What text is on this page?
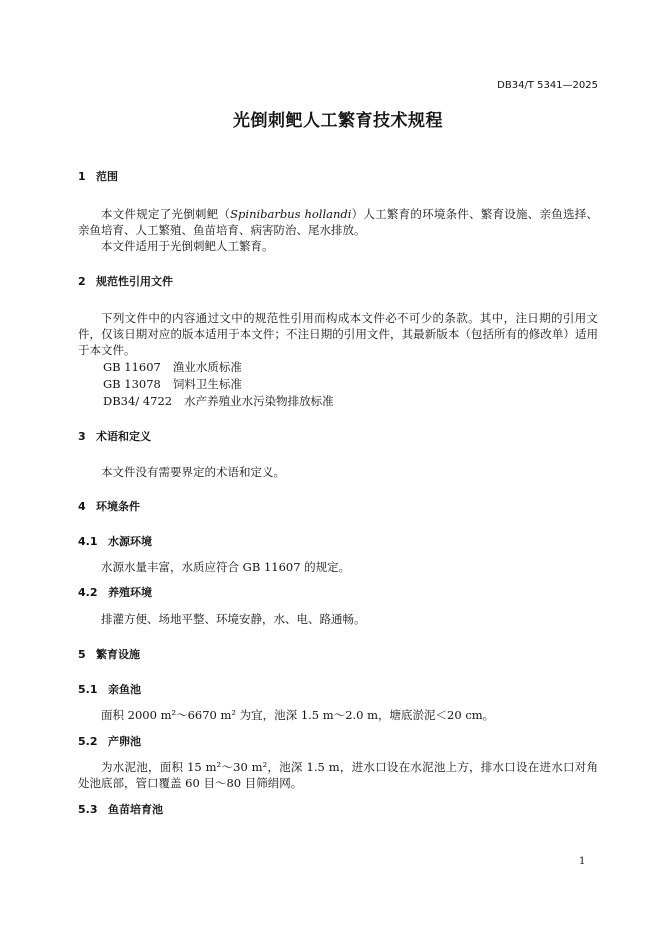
DB34/T 5341—2025
光倒刺鲃人工繁育技术规程
1 范围

本文件规定了光倒刺鲃（Spinibarbus hollandi）人工繁育的环境条件、繁育设施、亲鱼选择、亲鱼培育、人工繁殖、鱼苗培育、病害防治、尾水排放。

本文件适用于光倒刺鲃人工繁育。

2 规范性引用文件

下列文件中的内容通过文中的规范性引用而构成本文件必不可少的条款。其中，注日期的引用文件，仅该日期对应的版本适用于本文件；不注日期的引用文件，其最新版本（包括所有的修改单）适用于本文件。

GB 11607 渔业水质标准
GB 13078 饲料卫生标准
DB34/ 4722 水产养殖业水污染物排放标准
3 术语和定义

本文件没有需要界定的术语和定义。

4 环境条件
4.1 水源环境

水源水量丰富，水质应符合 GB 11607 的规定。

4.2 养殖环境

排灌方便、场地平整、环境安静，水、电、路通畅。

5 繁育设施
5.1 亲鱼池

面积 2000 m²～6670 m² 为宜，池深 1.5 m～2.0 m，塘底淤泥＜20 cm。

5.2 产卵池

为水泥池，面积 15 m²～30 m²，池深 1.5 m，进水口设在水泥池上方，排水口设在进水口对角处池底部，管口覆盖 60 目～80 目筛绢网。

5.3 鱼苗培育池
1
